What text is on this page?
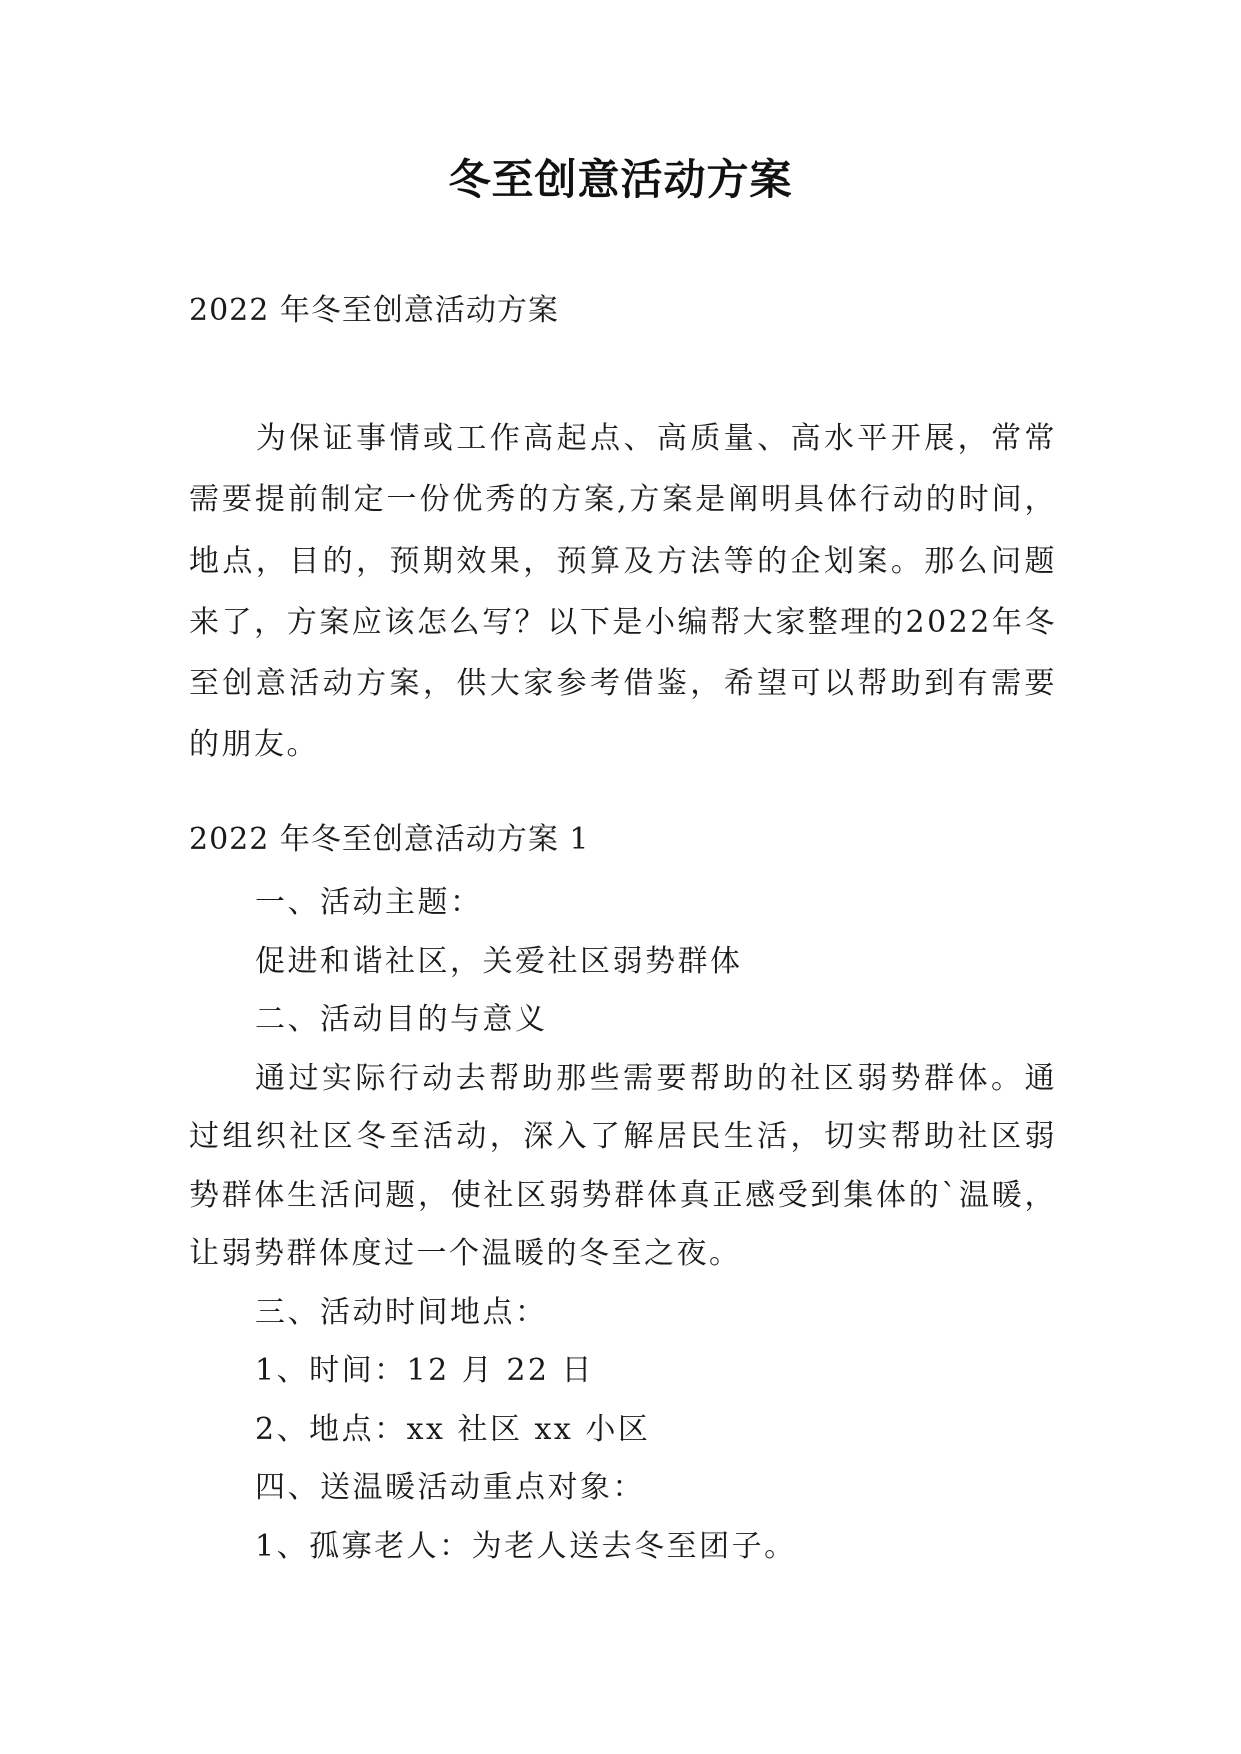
冬至创意活动方案

2022 年冬至创意活动方案

为保证事情或工作高起点、高质量、高水平开展，常常需要提前制定一份优秀的方案,方案是阐明具体行动的时间，地点，目的，预期效果，预算及方法等的企划案。那么问题来了，方案应该怎么写？以下是小编帮大家整理的2022年冬至创意活动方案，供大家参考借鉴，希望可以帮助到有需要的朋友。

2022 年冬至创意活动方案 1

一、活动主题：
促进和谐社区，关爱社区弱势群体
二、活动目的与意义
通过实际行动去帮助那些需要帮助的社区弱势群体。通过组织社区冬至活动，深入了解居民生活，切实帮助社区弱势群体生活问题，使社区弱势群体真正感受到集体的`温暖，让弱势群体度过一个温暖的冬至之夜。
三、活动时间地点：
1、时间：12 月 22 日
2、地点：xx 社区 xx 小区
四、送温暖活动重点对象：
1、孤寡老人：为老人送去冬至团子。
